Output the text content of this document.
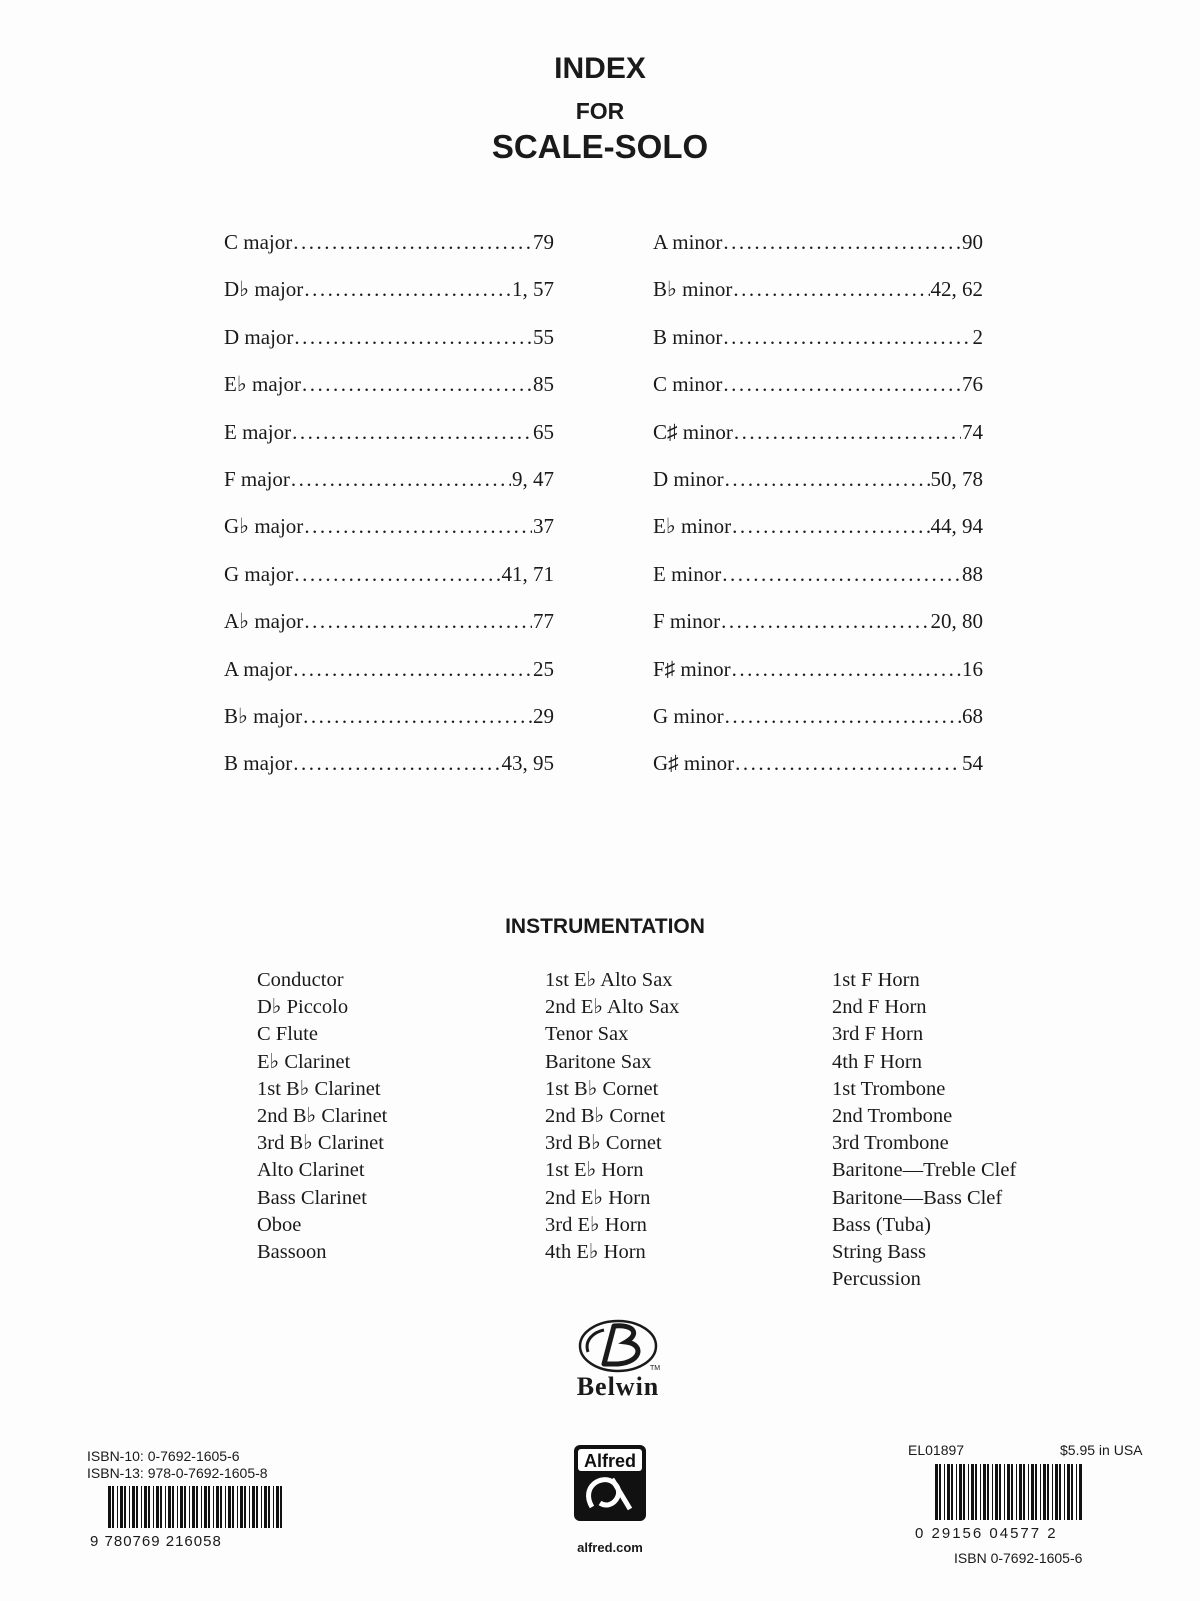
INDEX
FOR
SCALE-SOLO
C major .....	79
D♭ major .....	1, 57
D major .....	55
E♭ major .....	85
E major .....	65
F major .....	9, 47
G♭ major .....	37
G major .....	41, 71
A♭ major .....	77
A major .....	25
B♭ major .....	29
B major .....	43, 95
A minor .....	90
B♭ minor .....	42, 62
B minor .....	2
C minor .....	76
C♯ minor .....	74
D minor .....	50, 78
E♭ minor .....	44, 94
E minor .....	88
F minor .....	20, 80
F♯ minor .....	16
G minor .....	68
G♯ minor .....	54
INSTRUMENTATION
Conductor
D♭ Piccolo
C Flute
E♭ Clarinet
1st B♭ Clarinet
2nd B♭ Clarinet
3rd B♭ Clarinet
Alto Clarinet
Bass Clarinet
Oboe
Bassoon
1st E♭ Alto Sax
2nd E♭ Alto Sax
Tenor Sax
Baritone Sax
1st B♭ Cornet
2nd B♭ Cornet
3rd B♭ Cornet
1st E♭ Horn
2nd E♭ Horn
3rd E♭ Horn
4th E♭ Horn
1st F Horn
2nd F Horn
3rd F Horn
4th F Horn
1st Trombone
2nd Trombone
3rd Trombone
Baritone—Treble Clef
Baritone—Bass Clef
Bass (Tuba)
String Bass
Percussion
TM
Belwin
Alfred
alfred.com
ISBN-10: 0-7692-1605-6
ISBN-13: 978-0-7692-1605-8
9 780769 216058
EL01897	$5.95 in USA
0 29156 04577 2
ISBN 0-7692-1605-6
